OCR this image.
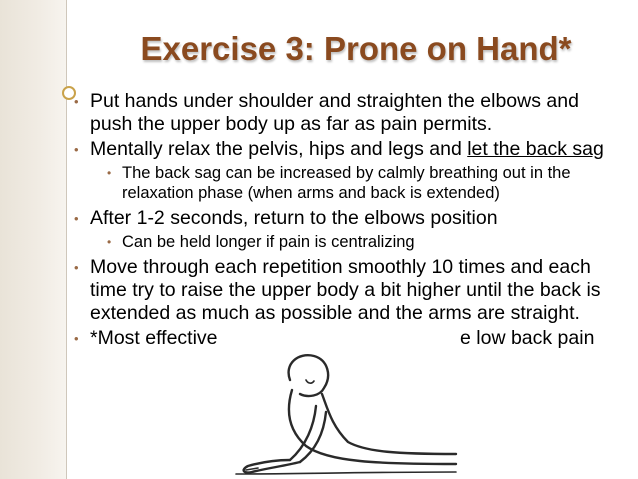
Exercise 3: Prone on Hand*
• Put hands under shoulder and straighten the elbows and push the upper body up as far as pain permits.
• Mentally relax the pelvis, hips and legs and let the back sag
• The back sag can be increased by calmly breathing out in the relaxation phase (when arms and back is extended)
• After 1-2 seconds, return to the elbows position
• Can be held longer if pain is centralizing
• Move through each repetition smoothly 10 times and each time try to raise the upper body a bit higher until the back is extended as much as possible and the arms are straight.
• *Most effective	e low back pain
